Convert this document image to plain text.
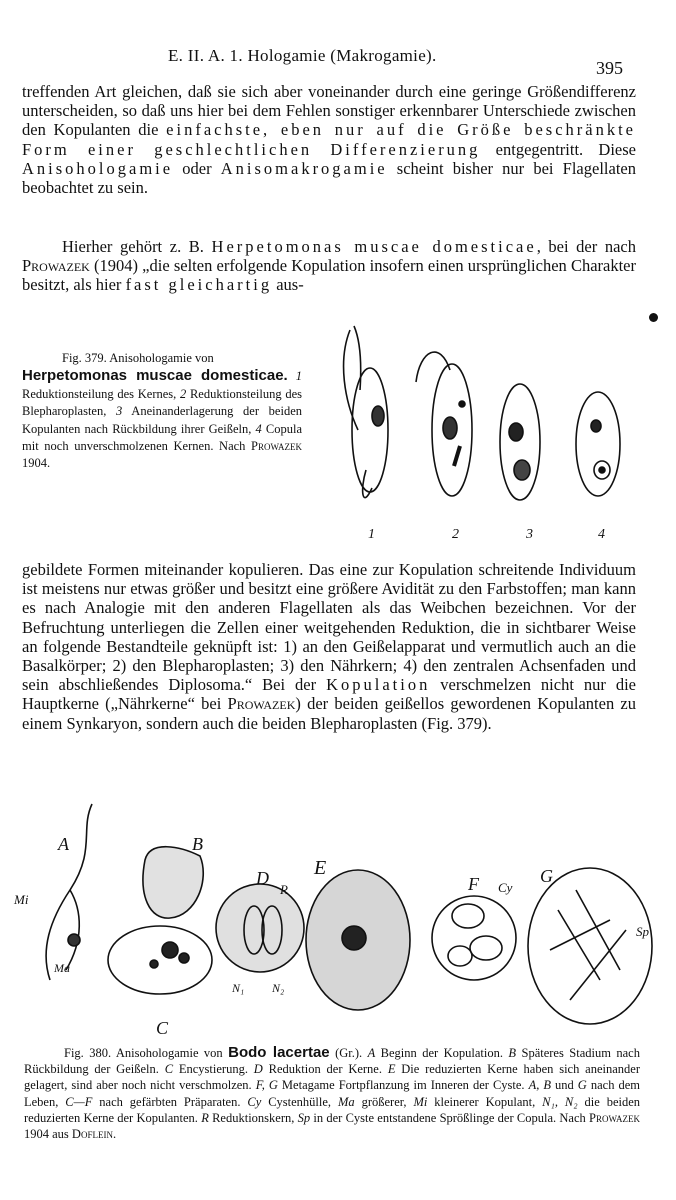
E. II. A. 1. Hologamie (Makrogamie).
395

treffenden Art gleichen, daß sie sich aber voneinander durch eine geringe Größendifferenz unterscheiden, so daß uns hier bei dem Fehlen sonstiger erkennbarer Unterschiede zwischen den Kopulanten die einfachste, eben nur auf die Größe beschränkte Form einer geschlechtlichen Differenzierung entgegentritt. Diese Anisohologamie oder Anisomakrogamie scheint bisher nur bei Flagellaten beobachtet zu sein.

Hierher gehört z. B. Herpetomonas muscae domesticae, bei der nach Prowazek (1904) „die selten erfolgende Kopulation insofern einen ursprünglichen Charakter besitzt, als hier fast gleichartig aus-

Fig. 379. Anisohologamie von
Herpetomonas muscae domesticae. 1 Reduktionsteilung des Kernes, 2 Reduktionsteilung des Blepharoplasten, 3 Aneinanderlagerung der beiden Kopulanten nach Rückbildung ihrer Geißeln, 4 Copula mit noch unverschmolzenen Kernen. Nach Prowazek 1904.

1	2	3	4

gebildete Formen miteinander kopulieren. Das eine zur Kopulation schreitende Individuum ist meistens nur etwas größer und besitzt eine größere Avidität zu den Farbstoffen; man kann es nach Analogie mit den anderen Flagellaten als das Weibchen bezeichnen. Vor der Befruchtung unterliegen die Zellen einer weitgehenden Reduktion, die in sichtbarer Weise an folgende Bestandteile geknüpft ist: 1) an den Geißelapparat und vermutlich auch an die Basalkörper; 2) den Blepharoplasten; 3) den Nährkern; 4) den zentralen Achsenfaden und sein abschließendes Diplosoma.“ Bei der Kopulation verschmelzen nicht nur die Hauptkerne („Nährkerne“ bei Prowazek) der beiden geißellos gewordenen Kopulanten zu einem Synkaryon, sondern auch die beiden Blepharoplasten (Fig. 379).

A	B
C
D E
F	G
Mi
Ma
R	Cy
N₁ N₂
Sp

Fig. 380. Anisohologamie von Bodo lacertae (Gr.). A Beginn der Kopulation. B Späteres Stadium nach Rückbildung der Geißeln. C Encystierung. D Reduktion der Kerne. E Die reduzierten Kerne haben sich aneinander gelagert, sind aber noch nicht verschmolzen. F, G Metagame Fortpflanzung im Inneren der Cyste. A, B und G nach dem Leben, C—F nach gefärbten Präparaten. Cy Cystenhülle, Ma größerer, Mi kleinerer Kopulant, N₁, N₂ die beiden reduzierten Kerne der Kopulanten. R Reduktionskern, Sp in der Cyste entstandene Sprößlinge der Copula. Nach Prowazek 1904 aus Doflein.
